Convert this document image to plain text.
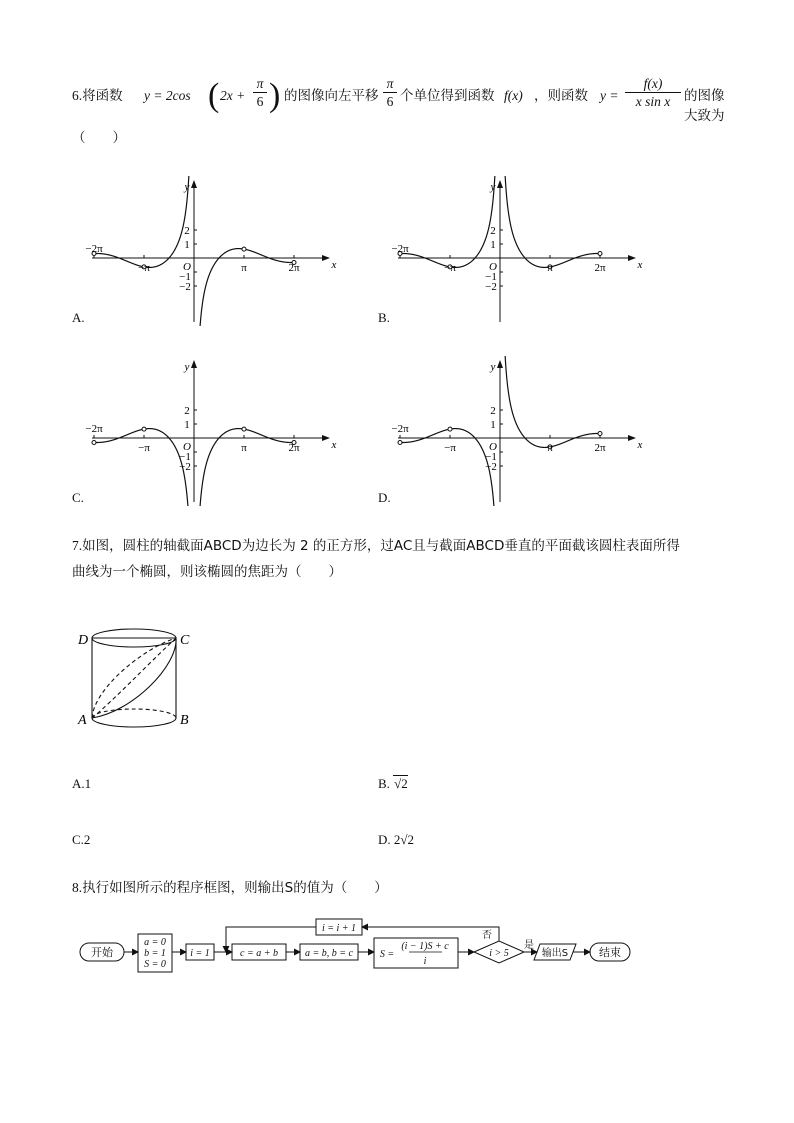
6.将函数 y = 2cos ( $2x + \frac{\pi}{6}$ ) 的图像向左平移 $\frac{\pi}{6}$ 个单位得到函数 f(x) ，则函数 $y = \frac{f(x)}{\text{x sin x}}$ 的图像大致为
（　　）
y
x
O
2
1
−1
−2
−2π
−π	π	2π
A.
y
x
O
2
1
−1
−2
−2π
−π	π	2π
B.
y
x
O
2
1
−1
−2
−2π
−π	π	2π
C.
y
x
O
2
1
−1
−2
−2π
−π	π	2π
D.
7.如图，圆柱的轴截面ABCD为边长为 2 的正方形，过AC且与截面ABCD垂直的平面截该圆柱表面所得
曲线为一个椭圆，则该椭圆的焦距为（　　）
D	C
A	B
A.1	B. √2
C.2	D. 2√2
8.执行如图所示的程序框图，则输出S的值为（　　）
开始
a = 0
b = 1
S = 0
i = 1	c = a + b	a = b, b = c	S =
(i − 1)S + c
i
i > 5
i = i + 1
否
是
输出S	结束
